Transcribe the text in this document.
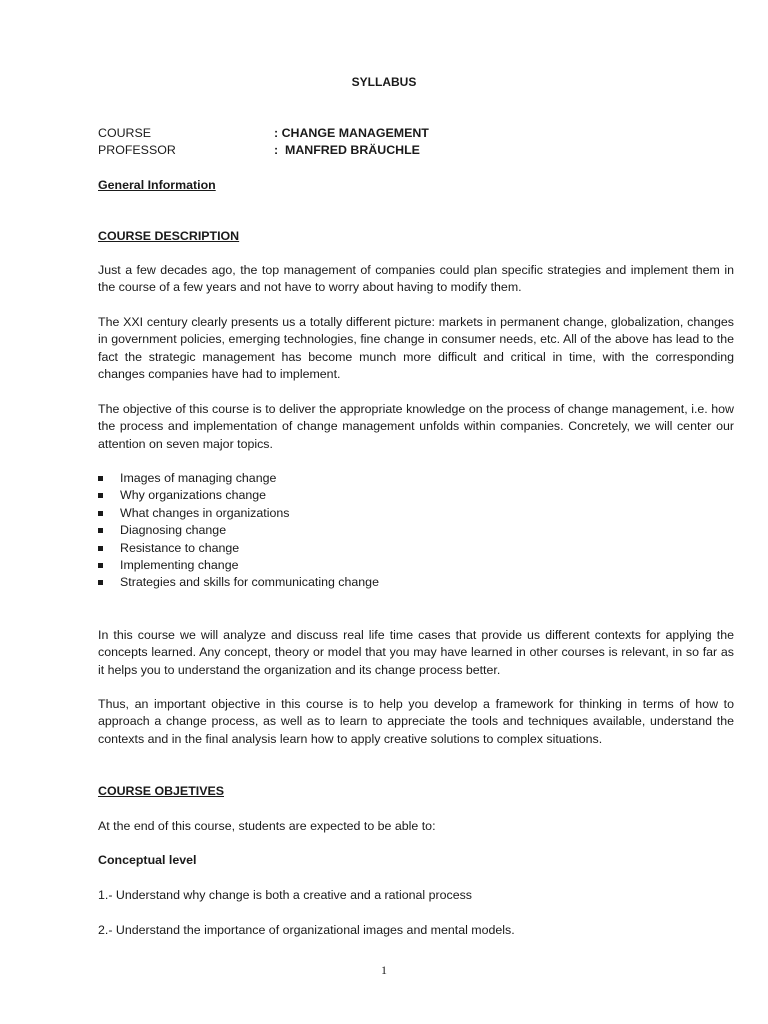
SYLLABUS
COURSE	: CHANGE MANAGEMENT
PROFESSOR	:  MANFRED BRÄUCHLE
General Information
COURSE DESCRIPTION

Just a few decades ago, the top management of companies could plan specific strategies and implement them in the course of a few years and not have to worry about having to modify them.

The XXI century clearly presents us a totally different picture: markets in permanent change, globalization, changes in government policies, emerging technologies, fine change in consumer needs, etc. All of the above has lead to the fact the strategic management has become munch more difficult and critical in time, with the corresponding changes companies have had to implement.

The objective of this course is to deliver the appropriate knowledge on the process of change management, i.e. how the process and implementation of change management unfolds within companies. Concretely, we will center our attention on seven major topics.

Images of managing change
Why organizations change
What changes in organizations
Diagnosing change
Resistance to change
Implementing change
Strategies and skills for communicating change

In this course we will analyze and discuss real life time cases that provide us different contexts for applying the concepts learned. Any concept, theory or model that you may have learned in other courses is relevant, in so far as it helps you to understand the organization and its change process better.

Thus, an important objective in this course is to help you develop a framework for thinking in terms of how to approach a change process, as well as to learn to appreciate the tools and techniques available, understand the contexts and in the final analysis learn how to apply creative solutions to complex situations.

COURSE OBJETIVES
At the end of this course, students are expected to be able to:
Conceptual level
1.- Understand why change is both a creative and a rational process
2.- Understand the importance of organizational images and mental models.
1
